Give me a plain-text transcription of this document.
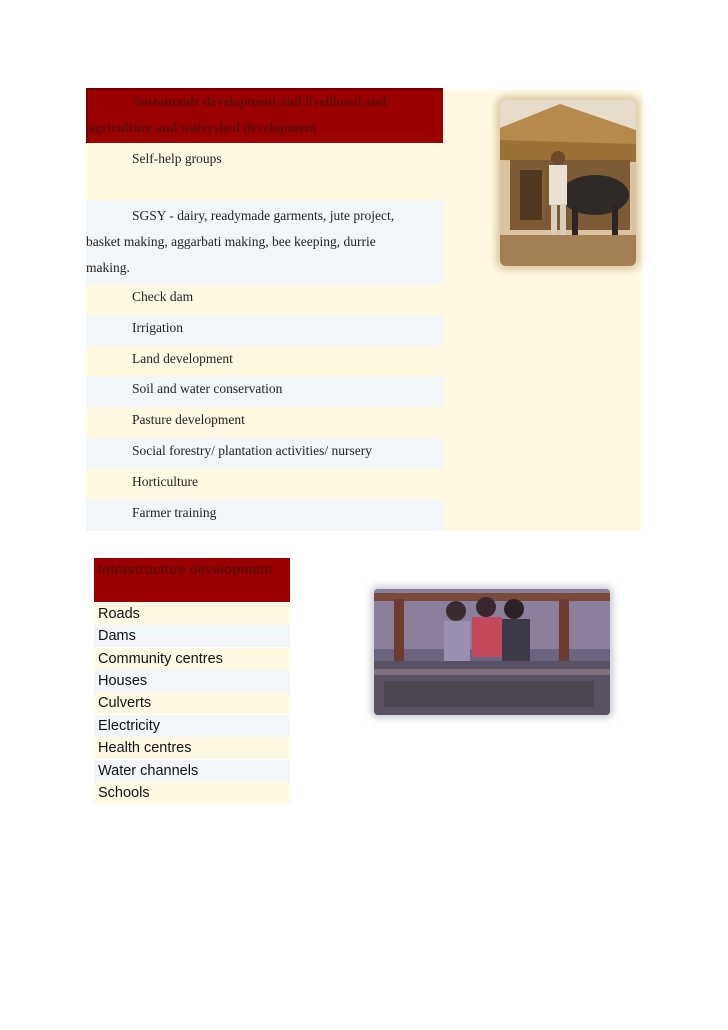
Sustainable development and livelihood and
agriculture and watershed development
Self-help groups
SGSY - dairy, readymade garments, jute project,
basket making, aggarbati making, bee keeping, durrie
making.
Check dam
Irrigation
Land development
Soil and water conservation
Pasture development
Social forestry/ plantation activities/ nursery
Horticulture
Farmer training
Infrastructure development
Roads
Dams
Community centres
Houses
Culverts
Electricity
Health centres
Water channels
Schools
